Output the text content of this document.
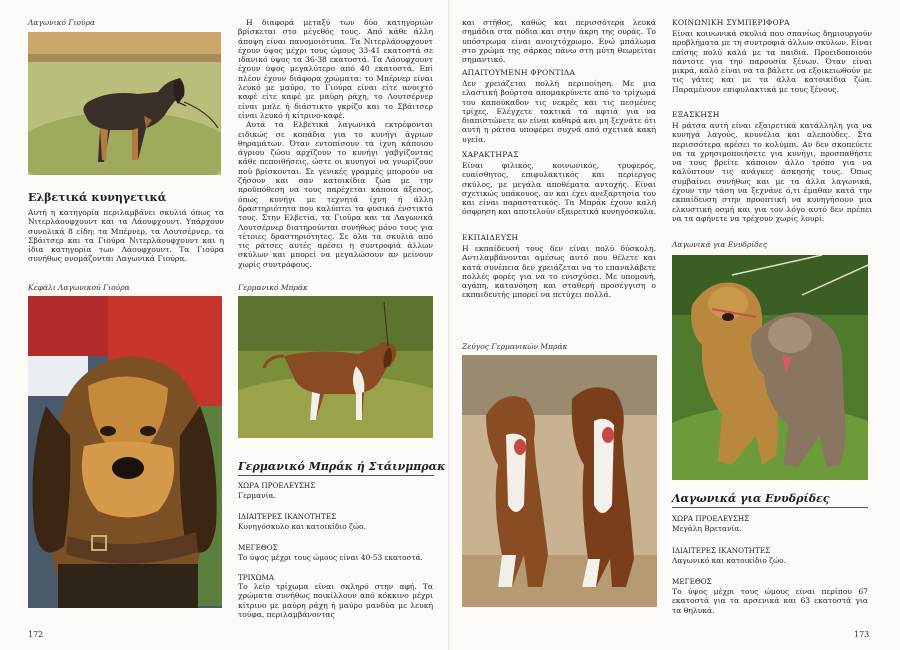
Λαγωνικό Γιούρα
Ελβετικά κυνηγετικά
Αυτή η κατηγορία περιλαμβάνει σκυλιά όπως τα Νιτερλάουφχουντ και τα Λάουφχουντ. Υπάρχουν συνολικά 8 είδη: τα Μπέρνερ, τα Λουτσέρνερ, τα Σβάιτσερ και τα Γιούρα Νιτερλάουφχουντ και η ίδια κατηγορία των Λάουφχουντ. Τα Γιούρα συνήθως ονομάζονται Λαγωνικά Γιούρα.
Κεφάλι Λαγωνικού Γιούρα

Η διαφορά μεταξύ των δύο κατηγοριών βρίσκεται στο μέγεθός τους. Από κάθε άλλη άποψη είναι πανομοιότυπα. Τα Νιτερλάουφχουντ έχουν ύψος μέχρι τους ώμους 33-41 εκατοστά σε ιδανικό ύψος τα 36-38 εκατοστά. Τα Λάουφχουντ έχουν ύψος μεγαλύτερο από 40 εκατοστά. Επί πλέον έχουν διάφορα χρώματα: το Μπέρνερ είναι λευκό με μαύρο, το Γιούρα είναι είτε ανοιχτό καφέ είτε καφέ με μαύρη ράχη, το Λουτσέρνερ είναι μπλε ή διάστικτο γκρίζο και το Σβάιτσερ είναι λευκό ή κίτρινο-καφέ.

Αυτά τα Ελβετικά λαγωνικά εκτρέφονται ειδικώς σε κοπάδια για το κυνήγι άγριων θηραμάτων. Όταν εντοπίσουν τα ίχνη κάποιου άγριου ζώου αρχίζουν το κυνήγι γαβγίζοντας κάθε πεποιθήσεις, ώστε οι κυνηγοί να γνωρίζουν πού βρίσκονται. Σε γενικές γραμμές μπορούν να ζήσουν και σαν κατοικίδια ζώα με την προϋπόθεση να τους παρέχεται κάποια άξεσος, όπως κυνήγι με τεχνητά ίχνη ή άλλη δραστηριότητα που καλύπτει τα φυσικά ένστικτά τους. Στην Ελβετία, τα Γιούρα και τα Λαγωνικά Λουτσέρνερ διατηρούνται συνήθως μόνο τους για τέτοιες δραστηριότητες. Σε όλα τα σκυλιά από τις ράτσες αυτές αρέσει η συντροφιά άλλων σκύλων και μπορεί να μεγαλώσουν αν μείνουν χωρίς συντρόφους.

Γερμανικό Μπράκ
Γερμανικό Μπράκ ή Στάινμπρακ
ΧΩΡΑ ΠΡΟΕΛΕΥΣΗΣ
Γερμανία.
ΙΔΙΑΙΤΕΡΕΣ ΙΚΑΝΟΤΗΤΕΣ
Κυνηγόσκυλο και κατοικίδιο ζώο.
ΜΕΓΕΘΟΣ
Το ύψος μέχρι τους ώμους είναι 40-53 εκατοστά.
ΤΡΙΧΩΜΑ
Το λείο τρίχωμα είναι σκληρό στην αφή. Τα χρώματα συνήθως ποικίλλουν από κόκκινο μέχρι κίτρινο με μαύρη ράχη ή μαύρο μανδύα με λευκή τούφα, περιλαμβάνοντας
172
και στήθος, καθώς και περισσότερα λευκά σημάδια στα πόδια και στην άκρη της ουράς. Το υπόστρωμα είναι ανοιχτόχρωμο. Ενώ μπάλωμα στο χρώμα της σάρκας πάνω στη μύτη θεωρείται σημαντικό.
ΑΠΑΙΤΟΥΜΕΝΗ ΦΡΟΝΤΙΔΑ
Δεν χρειάζεται πολλή περιποίηση. Με μια ελαστική βούρτσα απομακρύνετε από το τρίχωμά του καπούκαδον τις νεκρές και τις πεσμένες τρίχες. Ελέγχετε τακτικά τα αφτιά για να διαπιστώνετε αν είναι καθαρά και μη ξεχνάτε ότι αυτή η ράτσα υποφέρει συχνά από σχετικά κακή υγεία.
ΧΑΡΑΚΤΗΡΑΣ
Είναι φιλικός, κοινωνικός, τρυφερός, ευαίσθητος, επιφυλακτικός και περίεργος σκύλος, με μεγάλα αποθέματα αντοχής. Είναι σχετικώς υπάκουος, αν και έχει ανεξαρτησία του και είναι παραστατικός. Τα Μπράκ έχουν καλή όσφρηση και αποτελούν εξαιρετικά κυνηγόσκυλα.
ΕΚΠΑΙΔΕΥΣΗ
Η εκπαίδευσή τους δεν είναι πολύ δύσκολη. Αντιλαμβάνονται αμέσως αυτό που θέλετε και κατά συνέπεια δεν χρειάζεται να το επαναλάβετε πολλές φορές για να το ενισχύσει. Με υπομονή, αγάπη, κατανόηση και σταθερή προσέγγιση ο εκπαιδευτής μπορεί να πετύχει πολλά.
Ζεύγος Γερμανικών Μπράκ
ΚΟΙΝΩΝΙΚΗ ΣΥΜΠΕΡΙΦΟΡΑ
Είναι κοινωνικά σκυλιά που σπανίως δημιουργούν προβλήματα με τη συντροφιά άλλων σκύλων. Είναι επίσης πολύ καλά με τα παιδιά. Προειδοποιούν πάντοτε για την παρουσία ξένων. Όταν είναι μικρά, καλό είναι να τα βάλετε να εξοικειωθούν με τις γάτες και με τα άλλα κατοικίδια ζώα. Παραμένουν επιφυλακτικά με τους ξένους.
ΕΞΑΣΚΗΣΗ
Η ράτσα αυτή είναι εξαιρετικά κατάλληλη για να κυνηγά λαγούς, κουνέλια και αλεπούδες. Στα περισσότερα αρέσει το κολύμπι. Αν δεν σκοπεύετε να τα χρησιμοποιήσετε για κυνήγι, προσπαθήστε να τους βρείτε κάποιον άλλο τρόπο για να καλύπτουν τις ανάγκες άσκησής τους. Όπως συμβαίνει συνήθως και με τα άλλα λαγωνικά, έχουν την τάση να ξεχνάνε ό,τι έμαθαν κατά την εκπαίδευση στην προοπτική να κυνηγήσουν μια ελκυστική οσμή και για τον λόγο αυτό δεν πρέπει να τα αφήνετε να τρέχουν χωρίς λουρί.
Λαγωνικά για Ενυδρίδες
Λαγωνικά για Ενυδρίδες
ΧΩΡΑ ΠΡΟΕΛΕΥΣΗΣ
Μεγάλη Βρετανία.
ΙΔΙΑΙΤΕΡΕΣ ΙΚΑΝΟΤΗΤΕΣ
Λαγωνικό και κατοικίδιο ζώο.
ΜΕΓΕΘΟΣ
Το ύψος μέχρι τους ώμους είναι περίπου 67 εκατοστά για τα αρσενικά και 63 εκατοστά για τα θηλυκά.
173
